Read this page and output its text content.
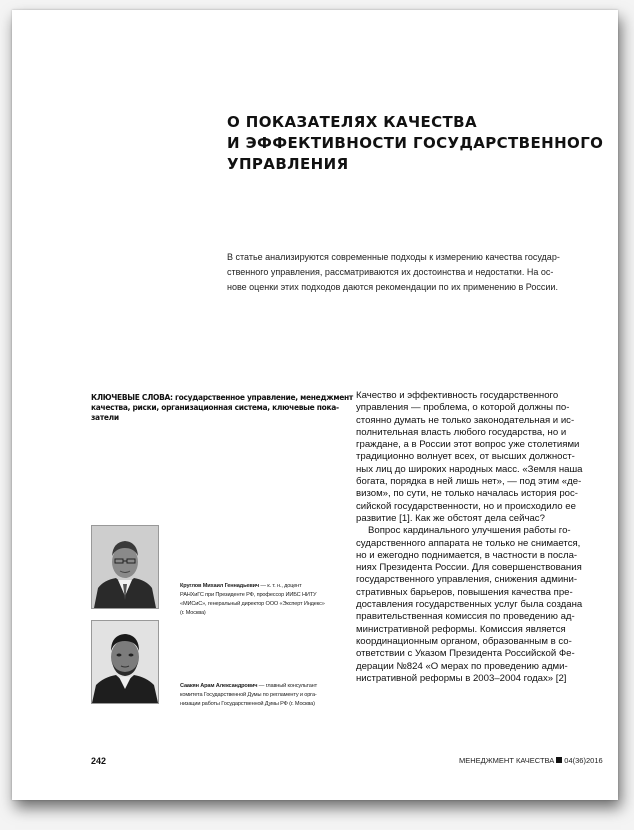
О ПОКАЗАТЕЛЯХ КАЧЕСТВА
И ЭФФЕКТИВНОСТИ ГОСУДАРСТВЕННОГО
УПРАВЛЕНИЯ
В статье анализируются современные подходы к измерению качества государ-
ственного управления, рассматриваются их достоинства и недостатки. На ос-
нове оценки этих подходов даются рекомендации по их применению в России.
КЛЮЧЕВЫЕ СЛОВА: государственное управление, менеджмент
качества, риски, организационная система, ключевые пока-
затели
Качество и эффективность государственного
управления — проблема, о которой должны по-
стоянно думать не только законодательная и ис-
полнительная власть любого государства, но и
граждане, а в России этот вопрос уже столетиями
традиционно волнует всех, от высших должност-
ных лиц до широких народных масс. «Земля наша
богата, порядка в ней лишь нет», — под этим «де-
визом», по сути, не только началась история рос-
сийской государственности, но и происходило ее
развитие [1]. Как же обстоят дела сейчас?
Вопрос кардинального улучшения работы го-
сударственного аппарата не только не снимается,
но и ежегодно поднимается, в частности в посла-
ниях Президента России. Для совершенствования
государственного управления, снижения админи-
стративных барьеров, повышения качества пре-
доставления государственных услуг была создана
правительственная комиссия по проведению ад-
министративной реформы. Комиссия является
координационным органом, образованным в со-
ответствии с Указом Президента Российской Фе-
дерации №824 «О мерах по проведению адми-
нистративной реформы в 2003–2004 годах» [2]
Круглов Михаил Геннадьевич — к. т. н., доцент
РАНХиГС при Президенте РФ, профессор ИИБС НИТУ
«МИСиС», генеральный директор ООО «Эксперт Индекс»
(г. Москва)
Саакян Арам Александрович — главный консультант
комитета Государственной Думы по регламенту и орга-
низации работы Государственной Думы РФ (г. Москва)
242	МЕНЕДЖМЕНТ КАЧЕСТВА 04(36)2016
